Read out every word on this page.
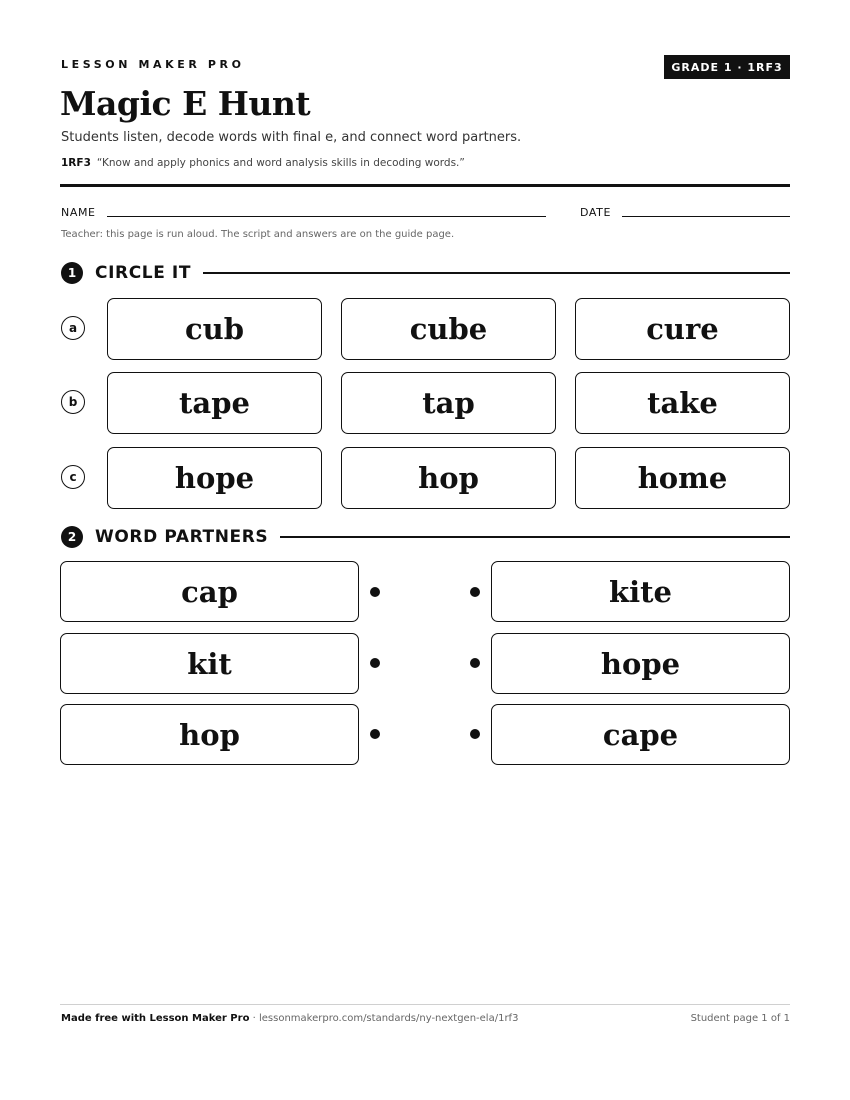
LESSON MAKER PRO	GRADE 1 · 1RF3
Magic E Hunt
Students listen, decode words with final e, and connect word partners.
1RF3 “Know and apply phonics and word analysis skills in decoding words.”
NAME	DATE
Teacher: this page is run aloud. The script and answers are on the guide page.
1	CIRCLE IT
a	cub	cube	cure
b	tape	tap	take
c	hope	hop	home
2	WORD PARTNERS
cap	kite
kit	hope
hop	cape
Made free with Lesson Maker Pro · lessonmakerpro.com/standards/ny-nextgen-ela/1rf3	Student page 1 of 1
